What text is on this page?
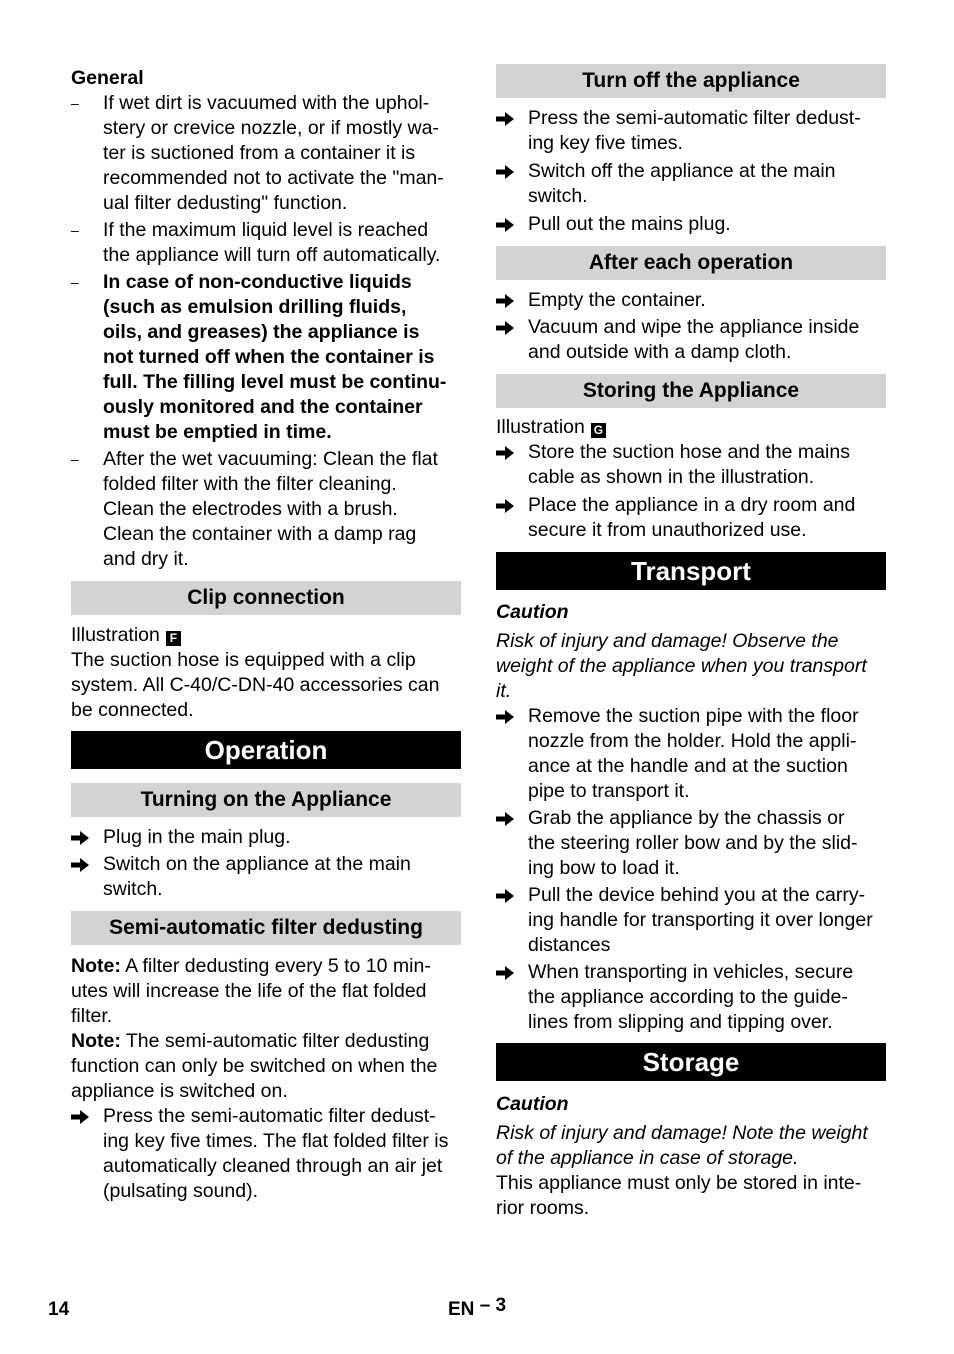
General

– If wet dirt is vacuumed with the uphol-
stery or crevice nozzle, or if mostly wa-
ter is suctioned from a container it is
recommended not to activate the "man-
ual filter dedusting" function.
– If the maximum liquid level is reached
the appliance will turn off automatically.
– In case of non-conductive liquids
(such as emulsion drilling fluids,
oils, and greases) the appliance is
not turned off when the container is
full. The filling level must be continu-
ously monitored and the container
must be emptied in time.
– After the wet vacuuming: Clean the flat
folded filter with the filter cleaning.
Clean the electrodes with a brush.
Clean the container with a damp rag
and dry it.
Clip connection

Illustration F

The suction hose is equipped with a clip
system. All C-40/C-DN-40 accessories can
be connected.

Operation
Turning on the Appliance
Plug in the main plug.
Switch on the appliance at the main
switch.
Semi-automatic filter dedusting

Note: A filter dedusting every 5 to 10 min-
utes will increase the life of the flat folded
filter.

Note: The semi-automatic filter dedusting
function can only be switched on when the
appliance is switched on.

Press the semi-automatic filter dedust-
ing key five times. The flat folded filter is
automatically cleaned through an air jet
(pulsating sound).
Turn off the appliance
Press the semi-automatic filter dedust-
ing key five times.
Switch off the appliance at the main
switch.
Pull out the mains plug.
After each operation
Empty the container.
Vacuum and wipe the appliance inside
and outside with a damp cloth.
Storing the Appliance

Illustration G

Store the suction hose and the mains
cable as shown in the illustration.
Place the appliance in a dry room and
secure it from unauthorized use.
Transport

Caution

Risk of injury and damage! Observe the
weight of the appliance when you transport it.

Remove the suction pipe with the floor
nozzle from the holder. Hold the appli-
ance at the handle and at the suction
pipe to transport it.
Grab the appliance by the chassis or
the steering roller bow and by the slid-
ing bow to load it.
Pull the device behind you at the carry-
ing handle for transporting it over longer
distances
When transporting in vehicles, secure
the appliance according to the guide-
lines from slipping and tipping over.
Storage

Caution

Risk of injury and damage! Note the weight
of the appliance in case of storage.

This appliance must only be stored in inte-
rior rooms.

14	EN – 3
